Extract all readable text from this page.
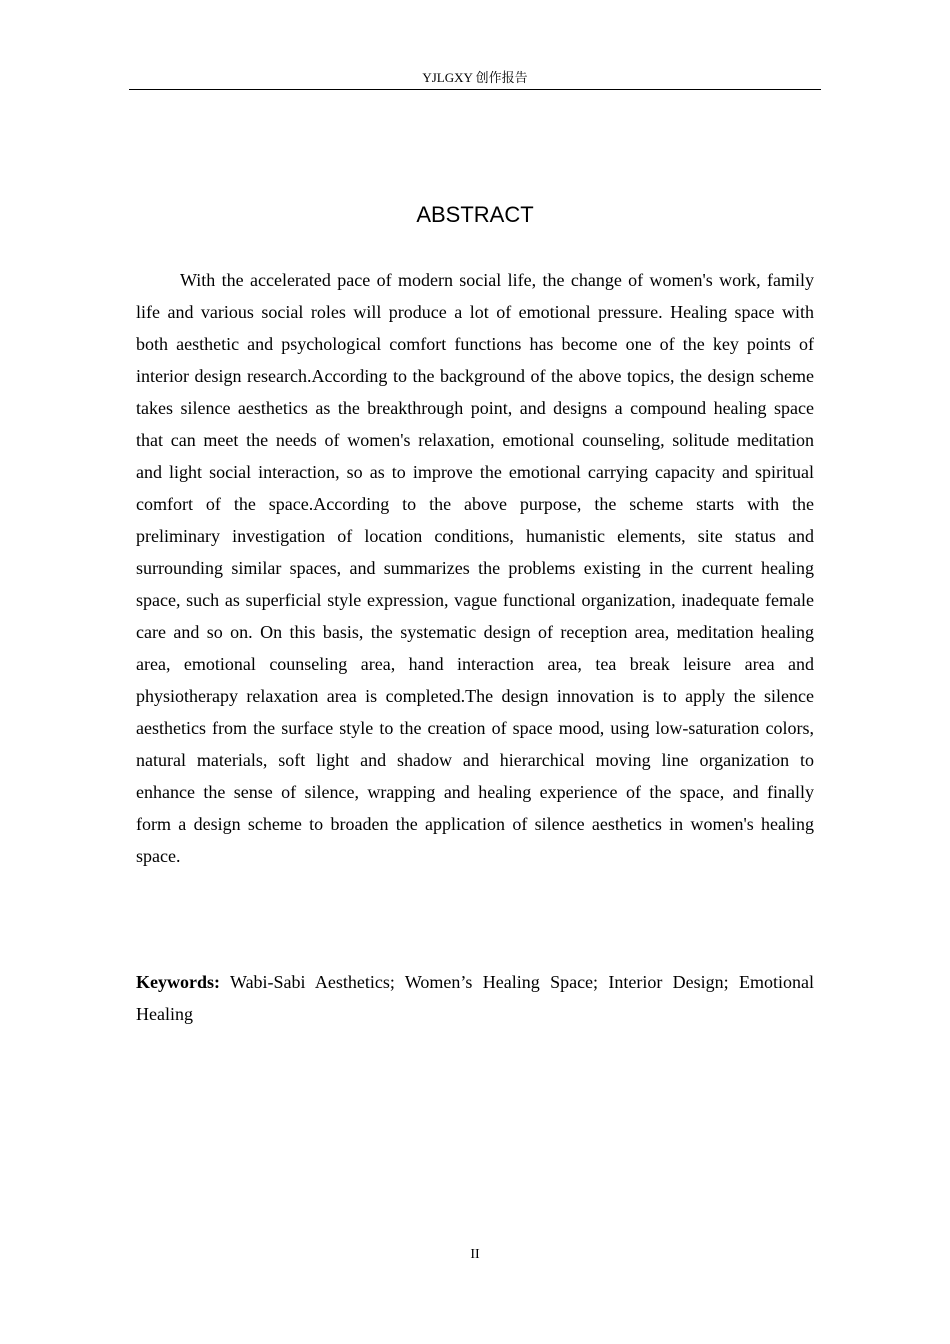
YJLGXY 创作报告
ABSTRACT

With the accelerated pace of modern social life, the change of women's work, family life and various social roles will produce a lot of emotional pressure. Healing space with both aesthetic and psychological comfort functions has become one of the key points of interior design research.According to the background of the above topics, the design scheme takes silence aesthetics as the breakthrough point, and designs a compound healing space that can meet the needs of women's relaxation, emotional counseling, solitude meditation and light social interaction, so as to improve the emotional carrying capacity and spiritual comfort of the space.According to the above purpose, the scheme starts with the preliminary investigation of location conditions, humanistic elements, site status and surrounding similar spaces, and summarizes the problems existing in the current healing space, such as superficial style expression, vague functional organization, inadequate female care and so on. On this basis, the systematic design of reception area, meditation healing area, emotional counseling area, hand interaction area, tea break leisure area and physiotherapy relaxation area is completed.The design innovation is to apply the silence aesthetics from the surface style to the creation of space mood, using low-saturation colors, natural materials, soft light and shadow and hierarchical moving line organization to enhance the sense of silence, wrapping and healing experience of the space, and finally form a design scheme to broaden the application of silence aesthetics in women's healing space.

Keywords: Wabi-Sabi Aesthetics; Women’s Healing Space; Interior Design; Emotional Healing

II
